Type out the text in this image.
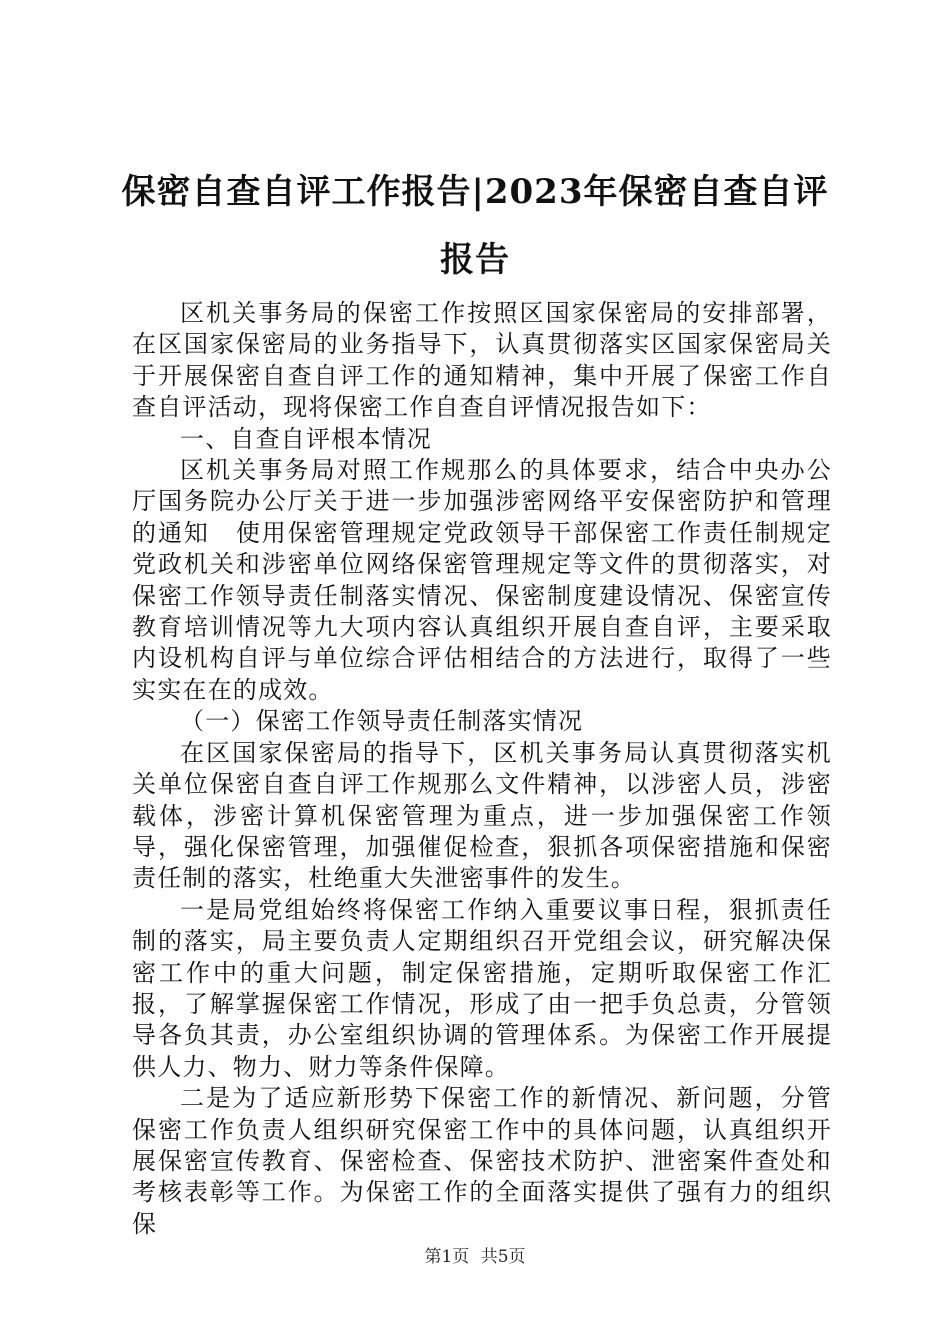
保密自查自评工作报告|2023年保密自查自评报告

区机关事务局的保密工作按照区国家保密局的安排部署，在区国家保密局的业务指导下，认真贯彻落实区国家保密局关于开展保密自查自评工作的通知精神，集中开展了保密工作自查自评活动，现将保密工作自查自评情况报告如下：

一、自查自评根本情况

区机关事务局对照工作规那么的具体要求，结合中央办公厅国务院办公厅关于进一步加强涉密网络平安保密防护和管理的通知　使用保密管理规定党政领导干部保密工作责任制规定党政机关和涉密单位网络保密管理规定等文件的贯彻落实，对保密工作领导责任制落实情况、保密制度建设情况、保密宣传教育培训情况等九大项内容认真组织开展自查自评，主要采取内设机构自评与单位综合评估相结合的方法进行，取得了一些实实在在的成效。

（一）保密工作领导责任制落实情况

在区国家保密局的指导下，区机关事务局认真贯彻落实机关单位保密自查自评工作规那么文件精神，以涉密人员，涉密载体，涉密计算机保密管理为重点，进一步加强保密工作领导，强化保密管理，加强催促检查，狠抓各项保密措施和保密责任制的落实，杜绝重大失泄密事件的发生。

一是局党组始终将保密工作纳入重要议事日程，狠抓责任制的落实，局主要负责人定期组织召开党组会议，研究解决保密工作中的重大问题，制定保密措施，定期听取保密工作汇报，了解掌握保密工作情况，形成了由一把手负总责，分管领导各负其责，办公室组织协调的管理体系。为保密工作开展提供人力、物力、财力等条件保障。

二是为了适应新形势下保密工作的新情况、新问题，分管保密工作负责人组织研究保密工作中的具体问题，认真组织开展保密宣传教育、保密检查、保密技术防护、泄密案件查处和考核表彰等工作。为保密工作的全面落实提供了强有力的组织保

第1页 共5页
